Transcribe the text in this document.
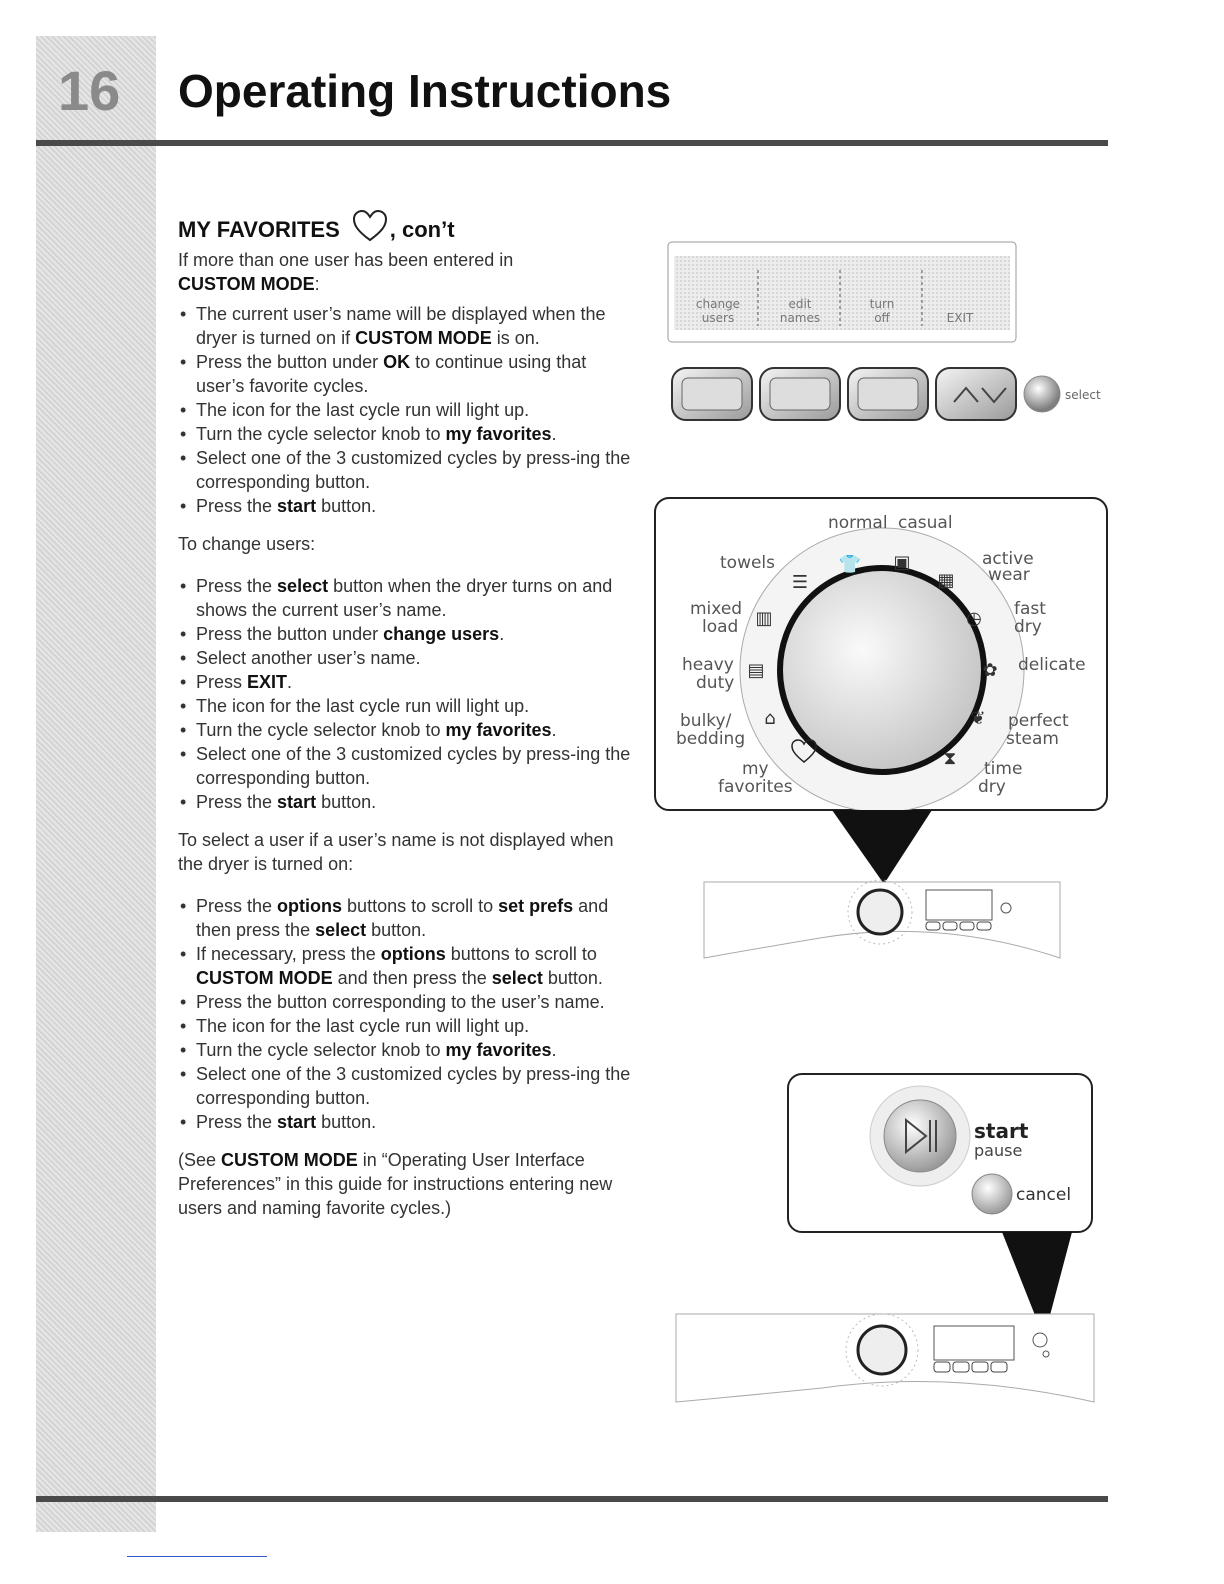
16 Operating Instructions
MY FAVORITES , con’t

If more than one user has been entered in
CUSTOM MODE:

• The current user’s name will be displayed when the dryer is turned on if CUSTOM MODE is on.
• Press the button under OK to continue using that user’s favorite cycles.
• The icon for the last cycle run will light up.
• Turn the cycle selector knob to my favorites.
• Select one of the 3 customized cycles by press-ing the corresponding button.
• Press the start button.

To change users:

• Press the select button when the dryer turns on and shows the current user’s name.
• Press the button under change users.
• Select another user’s name.
• Press EXIT.
• The icon for the last cycle run will light up.
• Turn the cycle selector knob to my favorites.
• Select one of the 3 customized cycles by press-ing the corresponding button.
• Press the start button.

To select a user if a user’s name is not displayed when the dryer is turned on:

• Press the options buttons to scroll to set prefs and then press the select button.
• If necessary, press the options buttons to scroll to CUSTOM MODE and then press the select button.
• Press the button corresponding to the user’s name.
• The icon for the last cycle run will light up.
• Turn the cycle selector knob to my favorites.
• Select one of the 3 customized cycles by press-ing the corresponding button.
• Press the start button.

(See CUSTOM MODE in “Operating User Interface Preferences” in this guide for instructions entering new users and naming favorite cycles.)

change
users
edit
names
turn
off	EXIT
select
normal casual
towels	active
wear
mixed
load
fast
dry
heavy
duty
delicate
bulky/
bedding
perfect
steam
my
favorites
time
dry
👕 ▣
☰	▦
▥	◷
▤	✿
⌂	❦
⧗
start
pause
cancel
